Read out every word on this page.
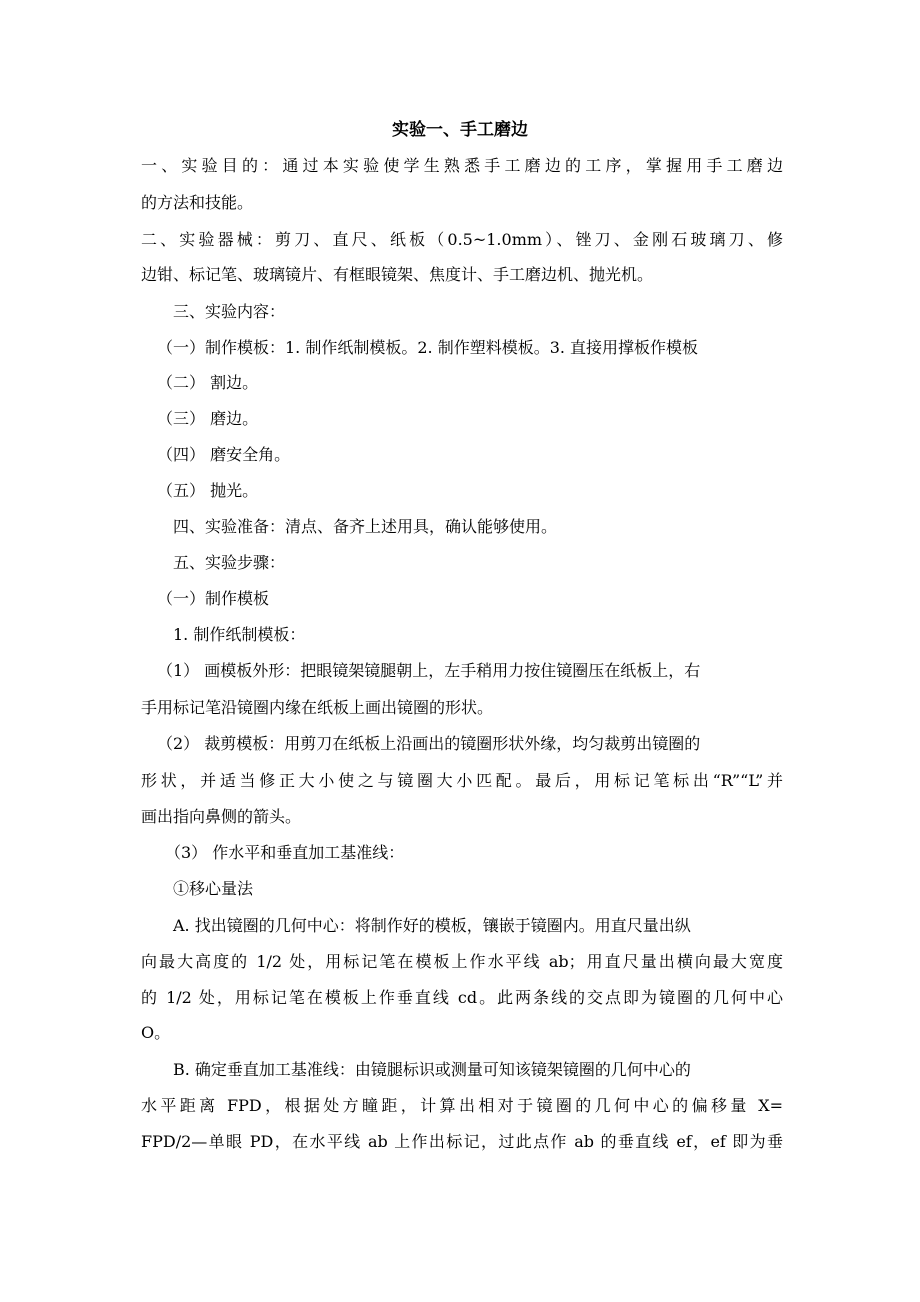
实验一、手工磨边
一、实验目的：通过本实验使学生熟悉手工磨边的工序，掌握用手工磨边
的方法和技能。
二、实验器械：剪刀、直尺、纸板（0.5~1.0mm）、锉刀、金刚石玻璃刀、修
边钳、标记笔、玻璃镜片、有框眼镜架、焦度计、手工磨边机、抛光机。
三、实验内容：
（一）制作模板：1. 制作纸制模板。2. 制作塑料模板。3. 直接用撑板作模板
（二） 割边。
（三） 磨边。
（四） 磨安全角。
（五） 抛光。
四、实验准备：清点、备齐上述用具，确认能够使用。
五、实验步骤：
（一）制作模板
1. 制作纸制模板：
（1） 画模板外形：把眼镜架镜腿朝上，左手稍用力按住镜圈压在纸板上，右
手用标记笔沿镜圈内缘在纸板上画出镜圈的形状。
（2） 裁剪模板：用剪刀在纸板上沿画出的镜圈形状外缘，均匀裁剪出镜圈的
形状，并适当修正大小使之与镜圈大小匹配。最后，用标记笔标出“R”“L”并
画出指向鼻侧的箭头。
（3） 作水平和垂直加工基准线：
①移心量法
A. 找出镜圈的几何中心：将制作好的模板，镶嵌于镜圈内。用直尺量出纵
向最大高度的 1/2 处，用标记笔在模板上作水平线 ab；用直尺量出横向最大宽度
的 1/2 处，用标记笔在模板上作垂直线 cd。此两条线的交点即为镜圈的几何中心
O。
B. 确定垂直加工基准线：由镜腿标识或测量可知该镜架镜圈的几何中心的
水平距离 FPD，根据处方瞳距，计算出相对于镜圈的几何中心的偏移量 X=
FPD/2—单眼 PD，在水平线 ab 上作出标记，过此点作 ab 的垂直线 ef，ef 即为垂
